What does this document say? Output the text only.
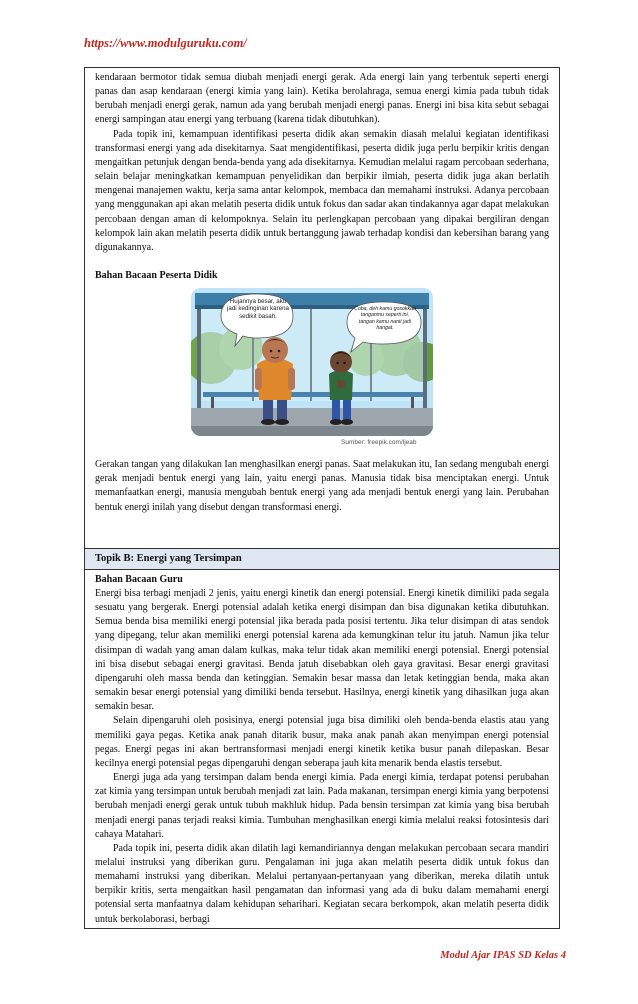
https://www.modulguruku.com/

kendaraan bermotor tidak semua diubah menjadi energi gerak. Ada energi lain yang terbentuk seperti energi panas dan asap kendaraan (energi kimia yang lain). Ketika berolahraga, semua energi kimia pada tubuh tidak berubah menjadi energi gerak, namun ada yang berubah menjadi energi panas. Energi ini bisa kita sebut sebagai energi sampingan atau energi yang terbuang (karena tidak dibutuhkan).

Pada topik ini, kemampuan identifikasi peserta didik akan semakin diasah melalui kegiatan identifikasi transformasi energi yang ada disekitarnya. Saat mengidentifikasi, peserta didik juga perlu berpikir kritis dengan mengaitkan petunjuk dengan benda-benda yang ada disekitarnya. Kemudian melalui ragam percobaan sederhana, selain belajar meningkatkan kemampuan penyelidikan dan berpikir ilmiah, peserta didik juga akan berlatih mengenai manajemen waktu, kerja sama antar kelompok, membaca dan memahami instruksi. Adanya percobaan yang menggunakan api akan melatih peserta didik untuk fokus dan sadar akan tindakannya agar dapat melakukan percobaan dengan aman di kelompoknya. Selain itu perlengkapan percobaan yang dipakai bergiliran dengan kelompok lain akan melatih peserta didik untuk bertanggung jawab terhadap kondisi dan kebersihan barang yang digunakannya.

Bahan Bacaan Peserta Didik

Hujannya besar, aku jadi kedinginan karena sedikit basah.
Coba, deh kamu gosokkan tanganmu seperti ini, tangan kamu nanti jadi hangat.
Sumber: freepik.com/ljeab

Gerakan tangan yang dilakukan Ian menghasilkan energi panas. Saat melakukan itu, Ian sedang mengubah energi gerak menjadi bentuk energi yang lain, yaitu energi panas. Manusia tidak bisa menciptakan energi. Untuk memanfaatkan energi, manusia mengubah bentuk energi yang ada menjadi bentuk energi yang lain. Perubahan bentuk energi inilah yang disebut dengan transformasi energi.

Topik B: Energi yang Tersimpan

Bahan Bacaan Guru

Energi bisa terbagi menjadi 2 jenis, yaitu energi kinetik dan energi potensial. Energi kinetik dimiliki pada segala sesuatu yang bergerak. Energi potensial adalah ketika energi disimpan dan bisa digunakan ketika dibutuhkan. Semua benda bisa memiliki energi potensial jika berada pada posisi tertentu. Jika telur disimpan di atas sendok yang dipegang, telur akan memiliki energi potensial karena ada kemungkinan telur itu jatuh. Namun jika telur disimpan di wadah yang aman dalam kulkas, maka telur tidak akan memiliki energi potensial. Energi potensial ini bisa disebut sebagai energi gravitasi. Benda jatuh disebabkan oleh gaya gravitasi. Besar energi gravitasi dipengaruhi oleh massa benda dan ketinggian. Semakin besar massa dan letak ketinggian benda, maka akan semakin besar energi potensial yang dimiliki benda tersebut. Hasilnya, energi kinetik yang dihasilkan juga akan semakin besar.

Selain dipengaruhi oleh posisinya, energi potensial juga bisa dimiliki oleh benda-benda elastis atau yang memiliki gaya pegas. Ketika anak panah ditarik busur, maka anak panah akan menyimpan energi potensial pegas. Energi pegas ini akan bertransformasi menjadi energi kinetik ketika busur panah dilepaskan. Besar kecilnya energi potensial pegas dipengaruhi dengan seberapa jauh kita menarik benda elastis tersebut.

Energi juga ada yang tersimpan dalam benda energi kimia. Pada energi kimia, terdapat potensi perubahan zat kimia yang tersimpan untuk berubah menjadi zat lain. Pada makanan, tersimpan energi kimia yang berpotensi berubah menjadi energi gerak untuk tubuh makhluk hidup. Pada bensin tersimpan zat kimia yang bisa berubah menjadi energi panas terjadi reaksi kimia. Tumbuhan menghasilkan energi kimia melalui reaksi fotosintesis dari cahaya Matahari.

Pada topik ini, peserta didik akan dilatih lagi kemandiriannya dengan melakukan percobaan secara mandiri melalui instruksi yang diberikan guru. Pengalaman ini juga akan melatih peserta didik untuk fokus dan memahami instruksi yang diberikan. Melalui pertanyaan-pertanyaan yang diberikan, mereka dilatih untuk berpikir kritis, serta mengaitkan hasil pengamatan dan informasi yang ada di buku dalam memahami energi potensial serta manfaatnya dalam kehidupan seharihari. Kegiatan secara berkompok, akan melatih peserta didik untuk berkolaborasi, berbagi

Modul Ajar IPAS SD Kelas 4
